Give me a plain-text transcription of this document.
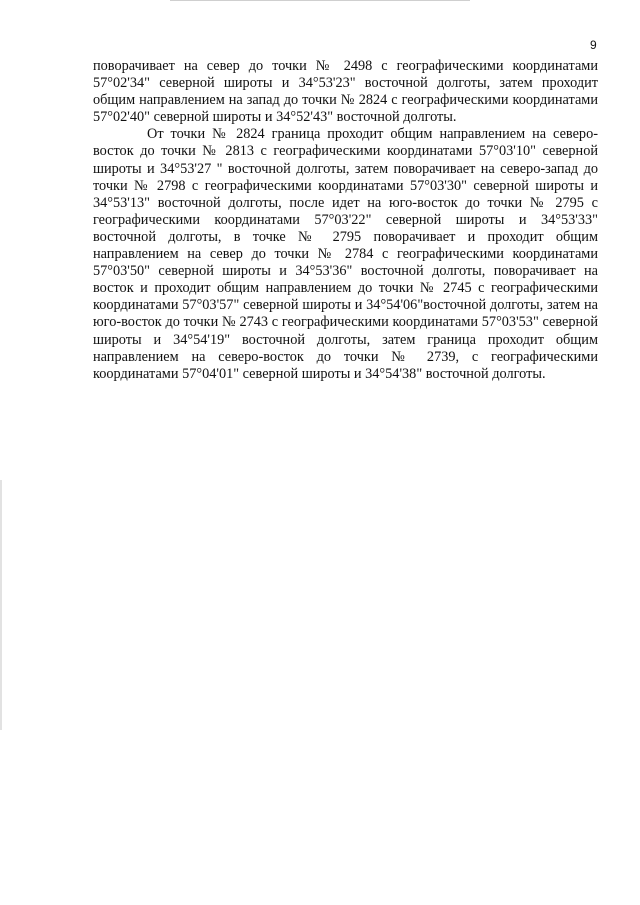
9

поворачивает на север до точки № 2498 с географическими координатами 57°02'34" северной широты и 34°53'23" восточной долготы, затем проходит общим направлением на запад до точки № 2824 с географическими координатами 57°02'40" северной широты и 34°52'43" восточной долготы.

От точки № 2824 граница проходит общим направлением на северо-восток до точки № 2813 с географическими координатами 57°03'10" северной широты и 34°53'27 " восточной долготы, затем поворачивает на северо-запад до точки № 2798 с географическими координатами 57°03'30" северной широты и 34°53'13" восточной долготы, после идет на юго-восток до точки № 2795 с географическими координатами 57°03'22" северной широты и 34°53'33" восточной долготы, в точке № 2795 поворачивает и проходит общим направлением на север до точки № 2784 с географическими координатами 57°03'50" северной широты и 34°53'36" восточной долготы, поворачивает на восток и проходит общим направлением до точки № 2745 с географическими координатами 57°03'57" северной широты и 34°54'06"восточной долготы, затем на юго-восток до точки № 2743 с географическими координатами 57°03'53" северной широты и 34°54'19" восточной долготы, затем граница проходит общим направлением на северо-восток до точки № 2739, с географическими координатами 57°04'01" северной широты и 34°54'38" восточной долготы.
